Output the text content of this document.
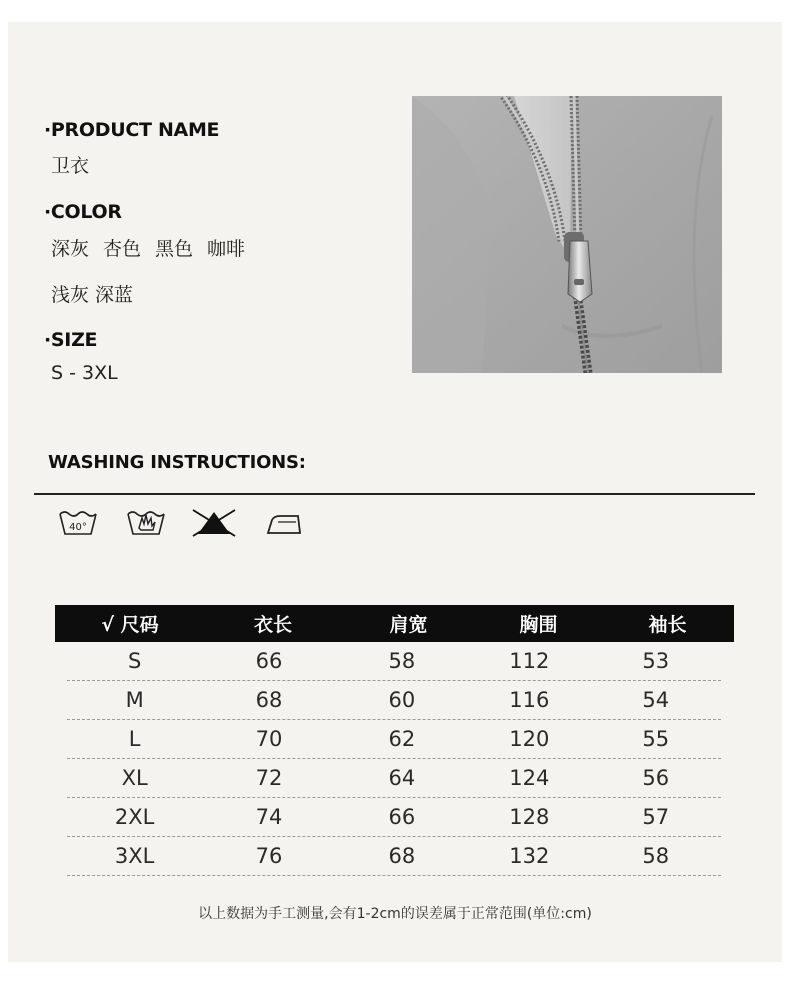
·PRODUCT NAME
卫衣
·COLOR
深灰 杏色 黑色 咖啡
浅灰 深蓝
·SIZE
S - 3XL
WASHING INSTRUCTIONS:
40°
√ 尺码	衣长	肩宽	胸围	袖长
S	66	58	112	53
M	68	60	116	54
L	70	62	120	55
XL	72	64	124	56
2XL	74	66	128	57
3XL	76	68	132	58
以上数据为手工测量,会有1-2cm的误差属于正常范围(单位:cm)
